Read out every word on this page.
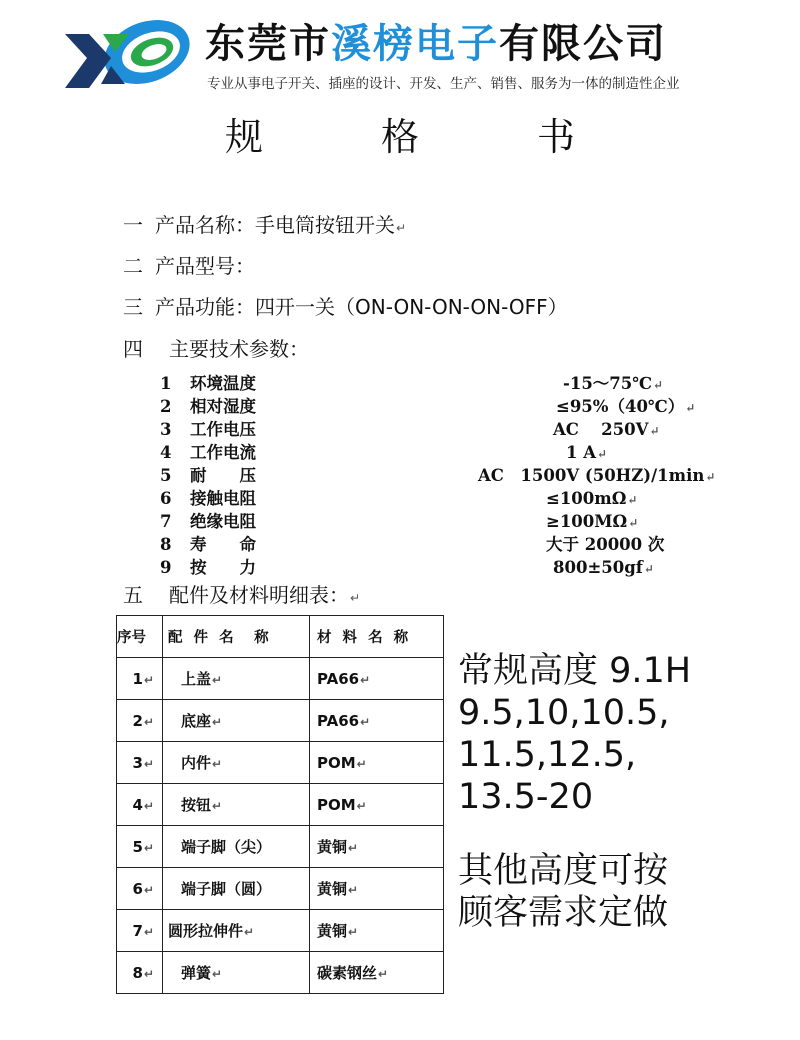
东莞市溪榜电子有限公司
专业从事电子开关、插座的设计、开发、生产、销售、服务为一体的制造性企业
规　格　书
一 产品名称：手电筒按钮开关↵
二 产品型号：
三 产品功能：四开一关（ON-ON-ON-ON-OFF）
四 主要技术参数：
1 环境温度	-15～75℃↵
2 相对湿度	≤95%（40℃）↵
3 工作电压	AC　 250V↵
4 工作电流	1 A↵
5 耐　　压	AC　1500V (50HZ)/1min↵
6 接触电阻	≤100mΩ↵
7 绝缘电阻	≥100MΩ↵
8 寿　　命	大于 20000 次
9 按　　力	800±50gf↵
五 配件及材料明细表：↵
序号	配 件 名　称	材 料 名 称
1↵	上盖↵	PA66↵
2↵	底座↵	PA66↵
3↵	内件↵	POM↵
4↵	按钮↵	POM↵
5↵	端子脚（尖）	黄铜↵
6↵	端子脚（圆）	黄铜↵
7↵	圆形拉伸件↵	黄铜↵
8↵	弹簧↵	碳素钢丝↵
常规高度 9.1H
9.5,10,10.5,
11.5,12.5,
13.5-20
其他高度可按
顾客需求定做
